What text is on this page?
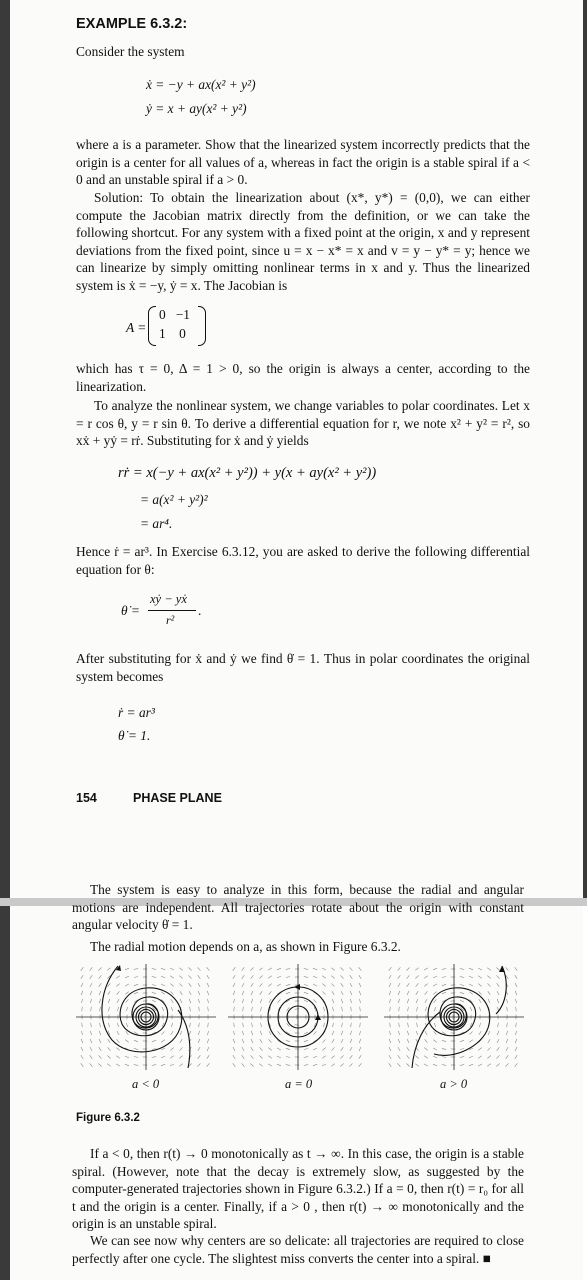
EXAMPLE 6.3.2:
Consider the system
ẋ = −y + ax(x² + y²)
ẏ = x + ay(x² + y²)
where a is a parameter. Show that the linearized system incorrectly predicts that the origin is a center for all values of a, whereas in fact the origin is a stable spiral if a < 0 and an unstable spiral if a > 0.
Solution: To obtain the linearization about (x*, y*) = (0,0), we can either compute the Jacobian matrix directly from the definition, or we can take the following shortcut. For any system with a fixed point at the origin, x and y represent deviations from the fixed point, since u = x − x* = x and v = y − y* = y; hence we can linearize by simply omitting nonlinear terms in x and y. Thus the linearized system is ẋ = −y, ẏ = x. The Jacobian is
A =
0   −1
1    0
which has τ = 0, Δ = 1 > 0, so the origin is always a center, according to the linearization.
To analyze the nonlinear system, we change variables to polar coordinates. Let x = r cos θ, y = r sin θ. To derive a differential equation for r, we note x² + y² = r², so xẋ + yẏ = rṙ. Substituting for ẋ and ẏ yields
rṙ = x(−y + ax(x² + y²)) + y(x + ay(x² + y²))
= a(x² + y²)²
= ar⁴.
Hence ṙ = ar³. In Exercise 6.3.12, you are asked to derive the following differential equation for θ:
θ̇ =
xẏ − yẋ
r²
.
After substituting for ẋ and ẏ we find θ̇ = 1. Thus in polar coordinates the original system becomes
ṙ = ar³
θ̇ = 1.
154	PHASE PLANE
The system is easy to analyze in this form, because the radial and angular motions are independent. All trajectories rotate about the origin with constant angular velocity θ̇ = 1.
The radial motion depends on a, as shown in Figure 6.3.2.
a < 0	a = 0	a > 0
Figure 6.3.2
If a < 0, then r(t) → 0 monotonically as t → ∞. In this case, the origin is a stable spiral. (However, note that the decay is extremely slow, as suggested by the computer-generated trajectories shown in Figure 6.3.2.) If a = 0, then r(t) = r₀ for all t and the origin is a center. Finally, if a > 0 , then r(t) → ∞ monotonically and the origin is an unstable spiral.
We can see now why centers are so delicate: all trajectories are required to close perfectly after one cycle. The slightest miss converts the center into a spiral. ■
